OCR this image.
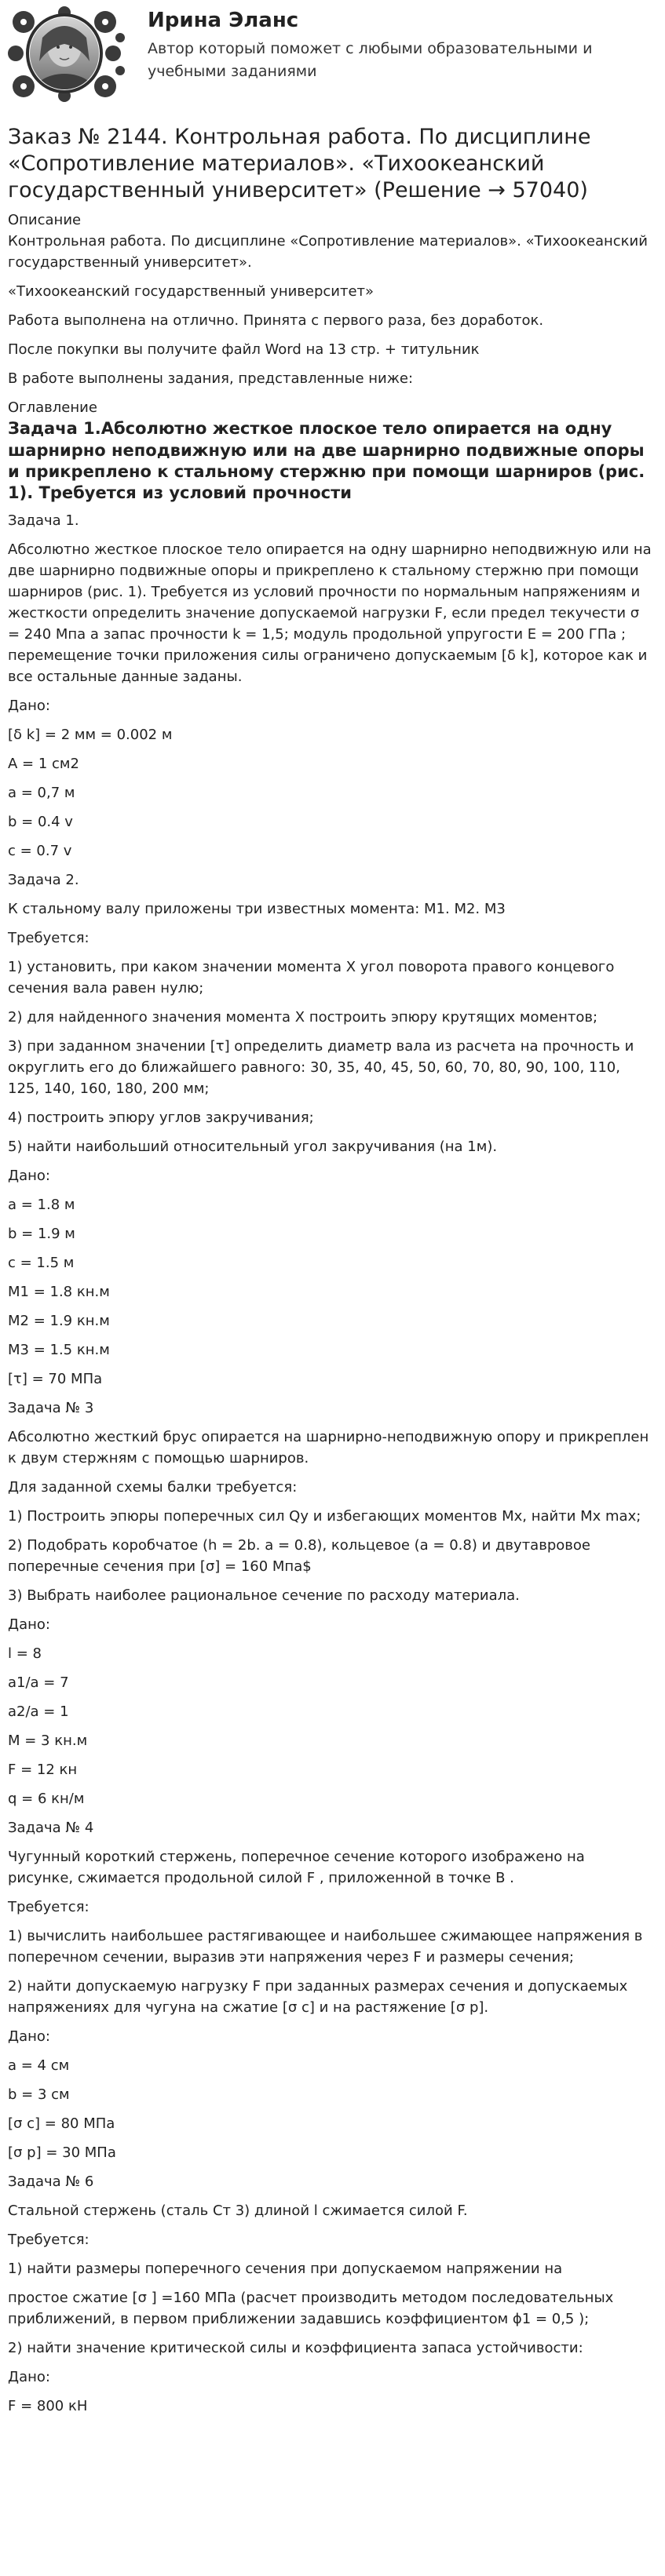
Ирина Эланс
Автор который поможет с любыми образовательными и учебными заданиями
Заказ № 2144. Контрольная работа. По дисциплине «Сопротивление материалов». «Тихоокеанский государственный университет» (Решение → 57040)

Описание

Контрольная работа. По дисциплине «Сопротивление материалов». «Тихоокеанский государственный университет».

«Тихоокеанский государственный университет»

Работа выполнена на отлично. Принята с первого раза, без доработок.

После покупки вы получите файл Word на 13 стр. + титульник

В работе выполнены задания, представленные ниже:

Оглавление

Задача 1.Абсолютно жесткое плоское тело опирается на одну шарнирно неподвижную или на две шарнирно подвижные опоры и прикреплено к стальному стержню при помощи шарниров (рис. 1). Требуется из условий прочности

Задача 1.

Абсолютно жесткое плоское тело опирается на одну шарнирно неподвижную или на две шарнирно подвижные опоры и прикреплено к стальному стержню при помощи шарниров (рис. 1). Требуется из условий прочности по нормальным напряжениям и жесткости определить значение допускаемой нагрузки F, если предел текучести σ = 240 Мпа а запас прочности k = 1,5; модуль продольной упругости E = 200 ГПа ; перемещение точки приложения силы ограничено допускаемым [δ k], которое как и все остальные данные заданы.

Дано:

[δ k] = 2 мм = 0.002 м

A = 1 см2

a = 0,7 м

b = 0.4 v

c = 0.7 v

Задача 2.

К стальному валу приложены три известных момента: M1. M2. M3

Требуется:

1) установить, при каком значении момента X угол поворота правого концевого сечения вала равен нулю;

2) для найденного значения момента X построить эпюру крутящих моментов;

3) при заданном значении [τ] определить диаметр вала из расчета на прочность и округлить его до ближайшего равного: 30, 35, 40, 45, 50, 60, 70, 80, 90, 100, 110, 125, 140, 160, 180, 200 мм;

4) построить эпюру углов закручивания;

5) найти наибольший относительный угол закручивания (на 1м).

Дано:

a = 1.8 м

b = 1.9 м

c = 1.5 м

M1 = 1.8 кн.м

M2 = 1.9 кн.м

M3 = 1.5 кн.м

[τ] = 70 МПа

Задача № 3

Абсолютно жесткий брус опирается на шарнирно-неподвижную опору и прикреплен к двум стержням с помощью шарниров.

Для заданной схемы балки требуется:

1) Построить эпюры поперечных сил Qy и избегающих моментов Mx, найти Mx max;

2) Подобрать коробчатое (h = 2b. a = 0.8), кольцевое (a = 0.8) и двутавровое поперечные сечения при [σ] = 160 Mпа$

3) Выбрать наиболее рациональное сечение по расходу материала.

Дано:

l = 8

a1/a = 7

a2/a = 1

M = 3 кн.м

F = 12 кн

q = 6 кн/м

Задача № 4

Чугунный короткий стержень, поперечное сечение которого изображено на рисунке, сжимается продольной силой F , приложенной в точке B .

Требуется:

1) вычислить наибольшее растягивающее и наибольшее сжимающее напряжения в поперечном сечении, выразив эти напряжения через F и размеры сечения;

2) найти допускаемую нагрузку F при заданных размерах сечения и допускаемых напряжениях для чугуна на сжатие [σ c] и на растяжение [σ p].

Дано:

a = 4 см

b = 3 см

[σ c] = 80 МПа

[σ p] = 30 МПа

Задача № 6

Стальной стержень (сталь Ст 3) длиной l сжимается силой F.

Требуется:

1) найти размеры поперечного сечения при допускаемом напряжении на

простое сжатие [σ ] =160 МПа (расчет производить методом последовательных приближений, в первом приближении задавшись коэффициентом ϕ1 = 0,5 );

2) найти значение критической силы и коэффициента запаса устойчивости:

Дано:

F = 800 кН
